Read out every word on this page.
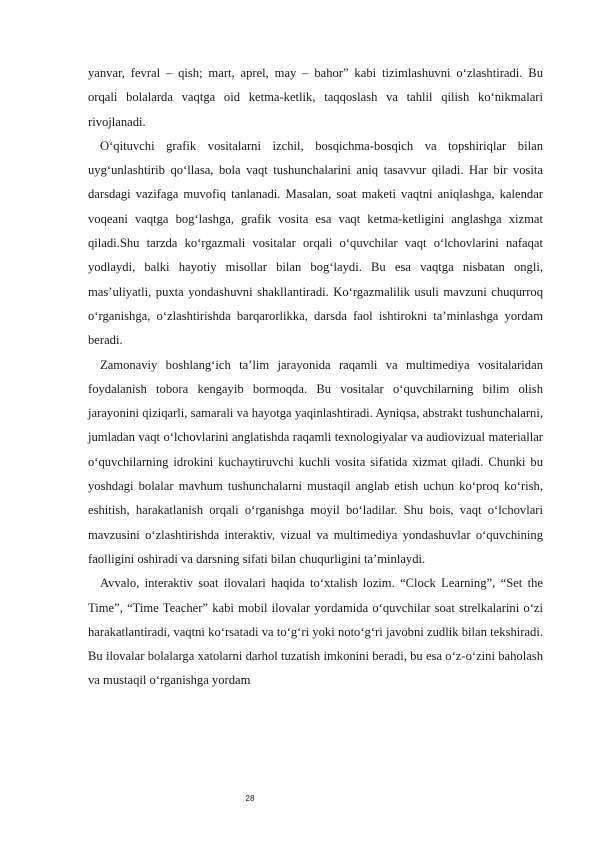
yanvar, fevral – qish; mart, aprel, may – bahor” kabi tizimlashuvni o‘zlashtiradi. Bu orqali bolalarda vaqtga oid ketma-ketlik, taqqoslash va tahlil qilish ko‘nikmalari rivojlanadi.

O‘qituvchi grafik vositalarni izchil, bosqichma-bosqich va topshiriqlar bilan uyg‘unlashtirib qo‘llasa, bola vaqt tushunchalarini aniq tasavvur qiladi. Har bir vosita darsdagi vazifaga muvofiq tanlanadi. Masalan, soat maketi vaqtni aniqlashga, kalendar voqeani vaqtga bog‘lashga, grafik vosita esa vaqt ketma-ketligini anglashga xizmat qiladi.Shu tarzda ko‘rgazmali vositalar orqali o‘quvchilar vaqt o‘lchovlarini nafaqat yodlaydi, balki hayotiy misollar bilan bog‘laydi. Bu esa vaqtga nisbatan ongli, mas’uliyatli, puxta yondashuvni shakllantiradi. Ko‘rgazmalilik usuli mavzuni chuqurroq o‘rganishga, o‘zlashtirishda barqarorlikka, darsda faol ishtirokni ta’minlashga yordam beradi.

Zamonaviy boshlang‘ich ta’lim jarayonida raqamli va multimediya vositalaridan foydalanish tobora kengayib bormoqda. Bu vositalar o‘quvchilarning bilim olish jarayonini qiziqarli, samarali va hayotga yaqinlashtiradi. Ayniqsa, abstrakt tushunchalarni, jumladan vaqt o‘lchovlarini anglatishda raqamli texnologiyalar va audiovizual materiallar o‘quvchilarning idrokini kuchaytiruvchi kuchli vosita sifatida xizmat qiladi. Chunki bu yoshdagi bolalar mavhum tushunchalarni mustaqil anglab etish uchun ko‘proq ko‘rish, eshitish, harakatlanish orqali o‘rganishga moyil bo‘ladilar. Shu bois, vaqt o‘lchovlari mavzusini o‘zlashtirishda interaktiv, vizual va multimediya yondashuvlar o‘quvchining faolligini oshiradi va darsning sifati bilan chuqurligini ta’minlaydi.

Avvalo, interaktiv soat ilovalari haqida to‘xtalish lozim. “Clock Learning”, “Set the Time”, “Time Teacher” kabi mobil ilovalar yordamida o‘quvchilar soat strelkalarini o‘zi harakatlantiradi, vaqtni ko‘rsatadi va to‘g‘ri yoki noto‘g‘ri javobni zudlik bilan tekshiradi. Bu ilovalar bolalarga xatolarni darhol tuzatish imkonini beradi, bu esa o‘z-o‘zini baholash va mustaqil o‘rganishga yordam

28
